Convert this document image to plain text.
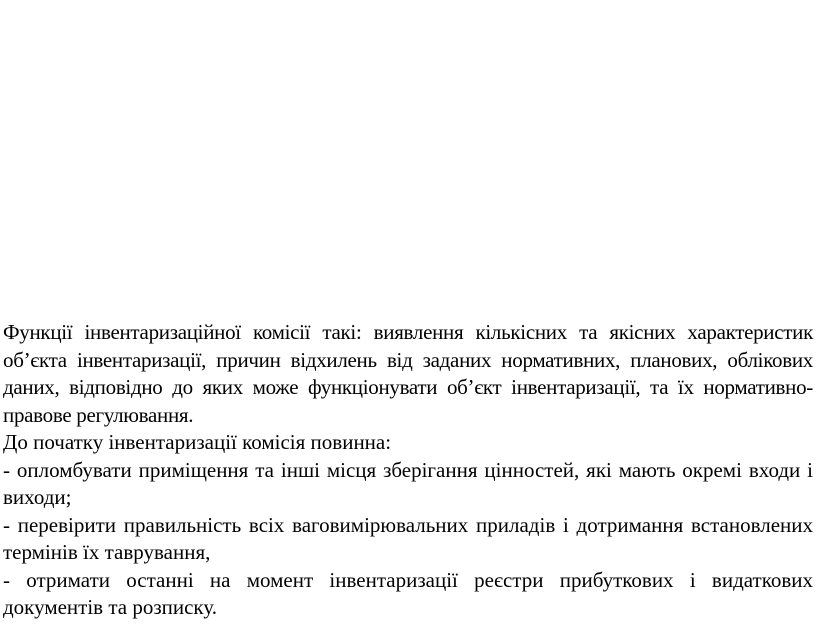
Функції інвентаризаційної комісії такі: виявлення кількісних та якісних характеристик об’єкта інвентаризації, причин відхилень від заданих нормативних, планових, облікових даних, відповідно до яких може функціонувати об’єкт інвентаризації, та їх нормативно-правове регулювання.

До початку інвентаризації комісія повинна:

- опломбувати приміщення та інші місця зберігання цінностей, які мають окремі входи і виходи;

- перевірити правильність всіх ваговимірювальних приладів і дотримання встановлених термінів їх таврування,

- отримати останні на момент інвентаризації реєстри прибуткових і видаткових документів та розписку.
